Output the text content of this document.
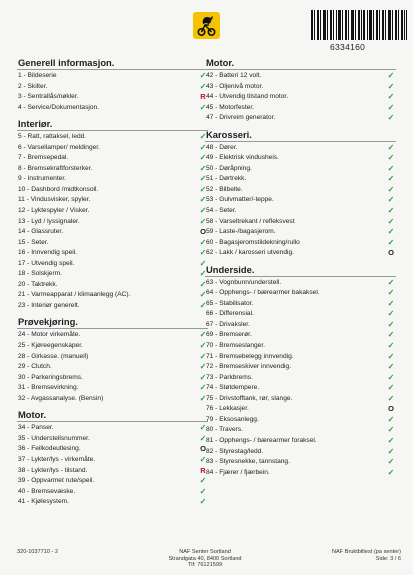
6334160
Generell informasjon.
1 - Bildeserie	✓
2 - Skilter.	✓
3 - Sentrallås/nøkler.	R
4 - Service/Dokumentasjon.	✓
Interiør.
5 - Ratt, rattaksel, ledd.	✓
6 - Varsellamper/ meldinger.	✓
7 - Bremsepedal.	✓
8 - Bremsekraftforsterker.	✓
9 - Instrumenter.	✓
10 - Dashbord /midtkonsoll.	✓
11 - Vindusvisker, spyler.	✓
12 - Lyktespyler / Visker.	✓
13 - Lyd / lyssignaler.	✓
14 - Glassruter.	O
15 - Seter.	✓
16 - Innvendig speil.	✓
17 - Utvendig speil.	✓
18 - Solskjerm.	✓
20 - Taktrekk.	✓
21 - Varmeapparat / klimaanlegg (AC).	✓
23 - Interiør generelt.	✓
Prøvekjøring.
24 - Motor virkemåte.	✓
25 - Kjøreegenskaper.	✓
28 - Girkasse. (manuell)	✓
29 - Clutch.	✓
30 - Parkeringsbrems.	✓
31 - Bremsevirkning.	✓
32 - Avgassanalyse. (Bensin)	✓
Motor.
34 - Panser.	✓
35 - Understellsnummer.	✓
36 - Feilkodeutlesing.	O
37 - Lykter/lys - virkemåte.	✓
38 - Lykter/lys - tilstand.	R
39 - Oppvarmet rute/speil.	✓
40 - Bremsevæske.	✓
41 - Kjølesystem.	✓
Motor.
42 - Batteri 12 volt.	✓
43 - Oljenivå motor.	✓
44 - Utvendig tilstand motor.	✓
45 - Motorfester.	✓
47 - Drivreim generator.	✓
Karosseri.
48 - Dører.	✓
49 - Elektrisk vindusheis.	✓
50 - Døråpning.	✓
51 - Dørtrekk.	✓
52 - Bilbelte.	✓
53 - Gulvmatter/-teppe.	✓
54 - Seter.	✓
58 - Varseltrekant / refleksvest	✓
59 - Laste-/bagasjerom.	✓
60 - Bagasjeromstildekning/rullo	✓
62 - Lakk / karosseri utvendig.	O
Underside.
63 - Vognbunn/understell.	✓
64 - Opphengs- / bærearmer bakaksel.	✓
65 - Stabilisator.	✓
66 - Differensial.	✓
67 - Drivaksler.	✓
69 - Bremserør.	✓
70 - Bremseslanger.	✓
71 - Bremsebelegg innvendig.	✓
72 - Bremseskiver innvendig.	✓
73 - Parkbrems.	✓
74 - Støtdempere.	✓
75 - Drivstofftank, rør, slange.	✓
76 - Lekkasjer.	O
79 - Eksosanlegg.	✓
80 - Travers.	✓
81 - Opphengs- / bærearmer foraksel.	✓
82 - Styrestag/ledd.	✓
83 - Styresnekke, tannstang.	✓
84 - Fjærer / fjærbein.	✓
320-1037710 - 2	NAF Senter Sortland
Strandgata 40, 8400 Sortland
Tlf: 76121599
NAF Bruktbiltest (pa senter)
Side: 3 / 6
